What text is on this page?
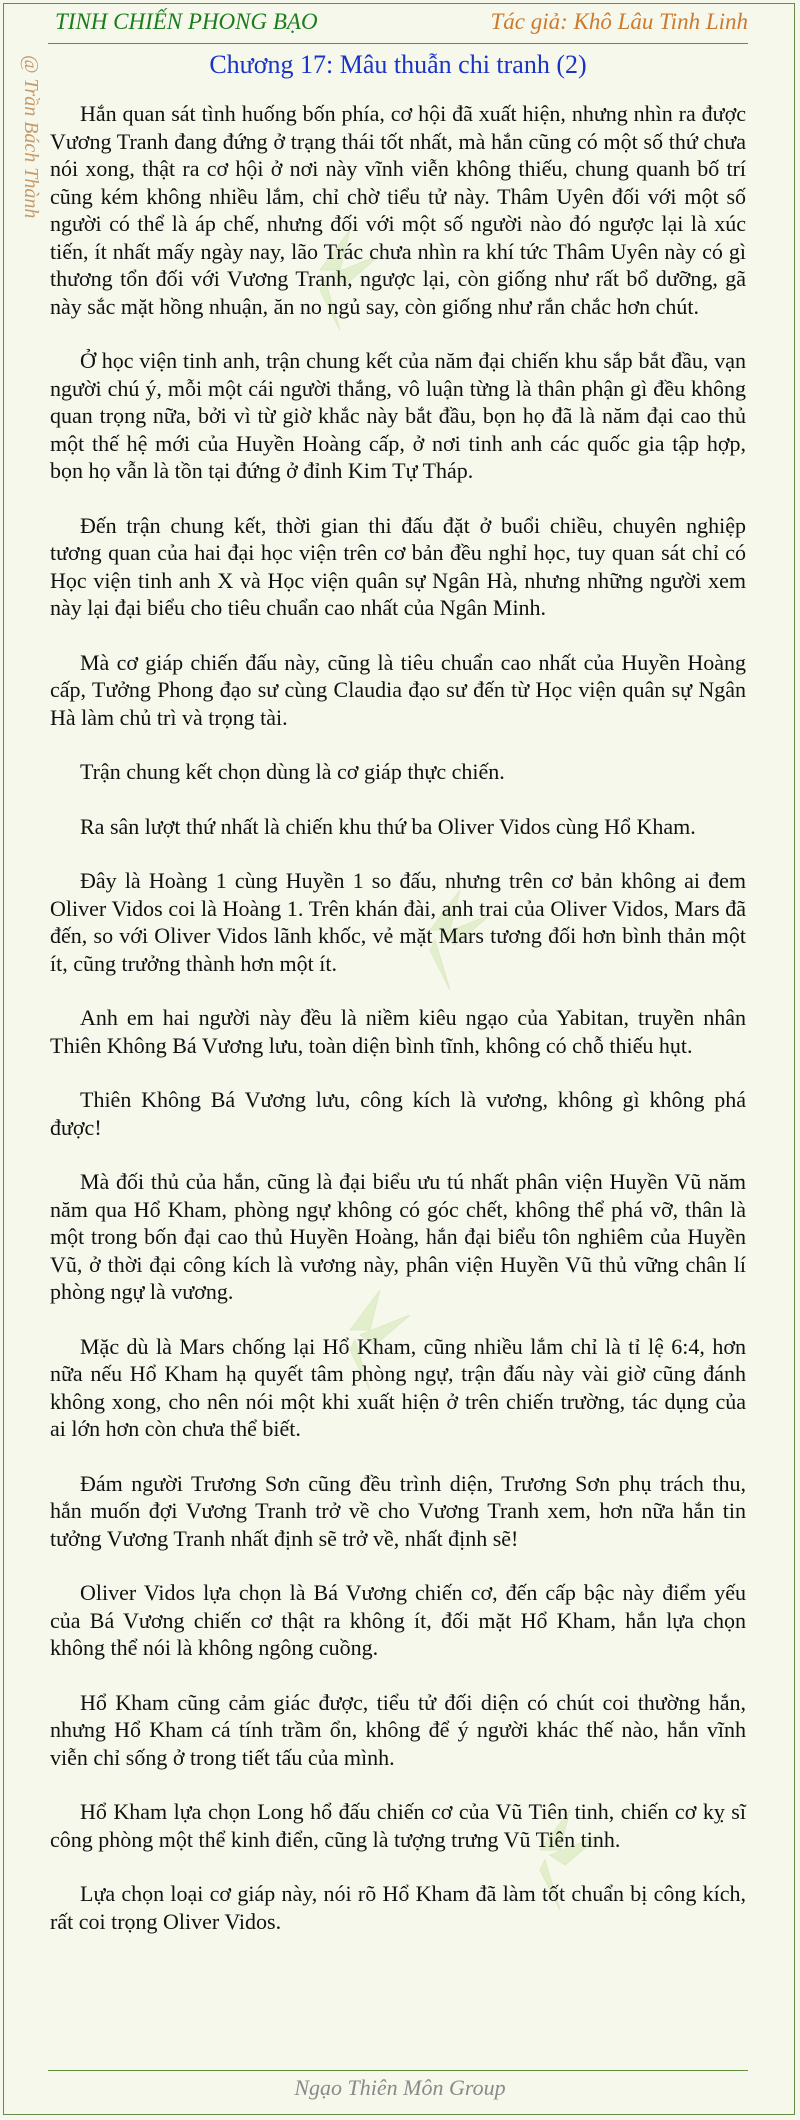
TINH CHIẾN PHONG BẠO	Tác giả: Khô Lâu Tinh Linh
@ Trần Bách Thành	Chương 17: Mâu thuẫn chi tranh (2)

Hắn quan sát tình huống bốn phía, cơ hội đã xuất hiện, nhưng nhìn ra được Vương Tranh đang đứng ở trạng thái tốt nhất, mà hắn cũng có một số thứ chưa nói xong, thật ra cơ hội ở nơi này vĩnh viễn không thiếu, chung quanh bố trí cũng kém không nhiều lắm, chỉ chờ tiểu tử này. Thâm Uyên đối với một số người có thể là áp chế, nhưng đối với một số người nào đó ngược lại là xúc tiến, ít nhất mấy ngày nay, lão Trác chưa nhìn ra khí tức Thâm Uyên này có gì thương tổn đối với Vương Tranh, ngược lại, còn giống như rất bổ dưỡng, gã này sắc mặt hồng nhuận, ăn no ngủ say, còn giống như rắn chắc hơn chút.

Ở học viện tinh anh, trận chung kết của năm đại chiến khu sắp bắt đầu, vạn người chú ý, mỗi một cái người thắng, vô luận từng là thân phận gì đều không quan trọng nữa, bởi vì từ giờ khắc này bắt đầu, bọn họ đã là năm đại cao thủ một thế hệ mới của Huyền Hoàng cấp, ở nơi tinh anh các quốc gia tập hợp, bọn họ vẫn là tồn tại đứng ở đỉnh Kim Tự Tháp.

Đến trận chung kết, thời gian thi đấu đặt ở buổi chiều, chuyên nghiệp tương quan của hai đại học viện trên cơ bản đều nghỉ học, tuy quan sát chỉ có Học viện tinh anh X và Học viện quân sự Ngân Hà, nhưng những người xem này lại đại biểu cho tiêu chuẩn cao nhất của Ngân Minh.

Mà cơ giáp chiến đấu này, cũng là tiêu chuẩn cao nhất của Huyền Hoàng cấp, Tưởng Phong đạo sư cùng Claudia đạo sư đến từ Học viện quân sự Ngân Hà làm chủ trì và trọng tài.

Trận chung kết chọn dùng là cơ giáp thực chiến.

Ra sân lượt thứ nhất là chiến khu thứ ba Oliver Vidos cùng Hổ Kham.

Đây là Hoàng 1 cùng Huyền 1 so đấu, nhưng trên cơ bản không ai đem Oliver Vidos coi là Hoàng 1. Trên khán đài, anh trai của Oliver Vidos, Mars đã đến, so với Oliver Vidos lãnh khốc, vẻ mặt Mars tương đối hơn bình thản một ít, cũng trưởng thành hơn một ít.

Anh em hai người này đều là niềm kiêu ngạo của Yabitan, truyền nhân Thiên Không Bá Vương lưu, toàn diện bình tĩnh, không có chỗ thiếu hụt.

Thiên Không Bá Vương lưu, công kích là vương, không gì không phá được!

Mà đối thủ của hắn, cũng là đại biểu ưu tú nhất phân viện Huyền Vũ năm năm qua Hổ Kham, phòng ngự không có góc chết, không thể phá vỡ, thân là một trong bốn đại cao thủ Huyền Hoàng, hắn đại biểu tôn nghiêm của Huyền Vũ, ở thời đại công kích là vương này, phân viện Huyền Vũ thủ vững chân lí phòng ngự là vương.

Mặc dù là Mars chống lại Hổ Kham, cũng nhiều lắm chỉ là tỉ lệ 6:4, hơn nữa nếu Hổ Kham hạ quyết tâm phòng ngự, trận đấu này vài giờ cũng đánh không xong, cho nên nói một khi xuất hiện ở trên chiến trường, tác dụng của ai lớn hơn còn chưa thể biết.

Đám người Trương Sơn cũng đều trình diện, Trương Sơn phụ trách thu, hắn muốn đợi Vương Tranh trở về cho Vương Tranh xem, hơn nữa hắn tin tưởng Vương Tranh nhất định sẽ trở về, nhất định sẽ!

Oliver Vidos lựa chọn là Bá Vương chiến cơ, đến cấp bậc này điểm yếu của Bá Vương chiến cơ thật ra không ít, đối mặt Hổ Kham, hắn lựa chọn không thể nói là không ngông cuồng.

Hổ Kham cũng cảm giác được, tiểu tử đối diện có chút coi thường hắn, nhưng Hổ Kham cá tính trầm ổn, không để ý người khác thế nào, hắn vĩnh viễn chỉ sống ở trong tiết tấu của mình.

Hổ Kham lựa chọn Long hổ đấu chiến cơ của Vũ Tiên tinh, chiến cơ kỵ sĩ công phòng một thể kinh điển, cũng là tượng trưng Vũ Tiên tinh.

Lựa chọn loại cơ giáp này, nói rõ Hổ Kham đã làm tốt chuẩn bị công kích, rất coi trọng Oliver Vidos.

Ngạo Thiên Môn Group
